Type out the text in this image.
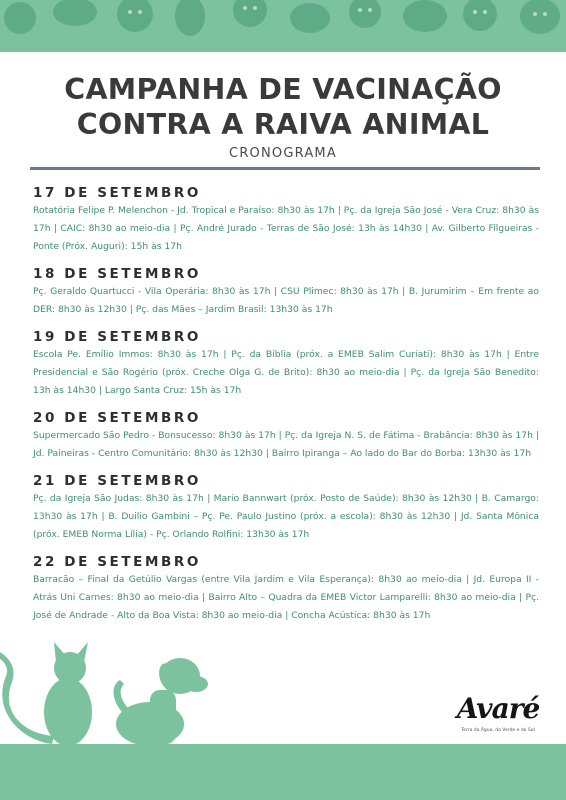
CAMPANHA DE VACINAÇÃO
CONTRA A RAIVA ANIMAL
CRONOGRAMA

17 DE SETEMBRO

Rotatória Felipe P. Melenchon - Jd. Tropical e Paraíso: 8h30 às 17h | Pç. da Igreja São José - Vera Cruz: 8h30 às 17h | CAIC: 8h30 ao meio-dia | Pç. André Jurado - Terras de São José: 13h às 14h30 | Av. Gilberto Filgueiras - Ponte (Próx. Auguri): 15h às 17h

18 DE SETEMBRO

Pç. Geraldo Quartucci - Vila Operária: 8h30 às 17h | CSU Plimec: 8h30 às 17h | B. Jurumirim – Em frente ao DER: 8h30 às 12h30 | Pç. das Mães – Jardim Brasil: 13h30 às 17h

19 DE SETEMBRO

Escola Pe. Emílio Immos: 8h30 às 17h | Pç. da Bíblia (próx. a EMEB Salim Curiati): 8h30 às 17h | Entre Presidencial e São Rogério (próx. Creche Olga G. de Brito): 8h30 ao meio-dia | Pç. da Igreja São Benedito: 13h às 14h30 | Largo Santa Cruz: 15h às 17h

20 DE SETEMBRO

Supermercado São Pedro - Bonsucesso: 8h30 às 17h | Pç. da Igreja N. S. de Fátima - Brabância: 8h30 às 17h | Jd. Paineiras - Centro Comunitário: 8h30 às 12h30 | Bairro Ipiranga – Ao lado do Bar do Borba: 13h30 às 17h

21 DE SETEMBRO

Pç. da Igreja São Judas: 8h30 às 17h | Mario Bannwart (próx. Posto de Saúde): 8h30 às 12h30 | B. Camargo: 13h30 às 17h | B. Duilio Gambini – Pç. Pe. Paulo Justino (próx. a escola): 8h30 às 12h30 | Jd. Santa Mônica (próx. EMEB Norma Lília) - Pç. Orlando Rolfini: 13h30 às 17h

22 DE SETEMBRO

Barracão – Final da Getúlio Vargas (entre Vila Jardim e Vila Esperança): 8h30 ao meio-dia | Jd. Europa II - Atrás Uni Carnes: 8h30 ao meio-dia | Bairro Alto – Quadra da EMEB Victor Lamparelli: 8h30 ao meio-dia | Pç. José de Andrade - Alto da Boa Vista: 8h30 ao meio-dia | Concha Acústica: 8h30 às 17h

Avaré
Terra da Água, do Verde e do Sol
